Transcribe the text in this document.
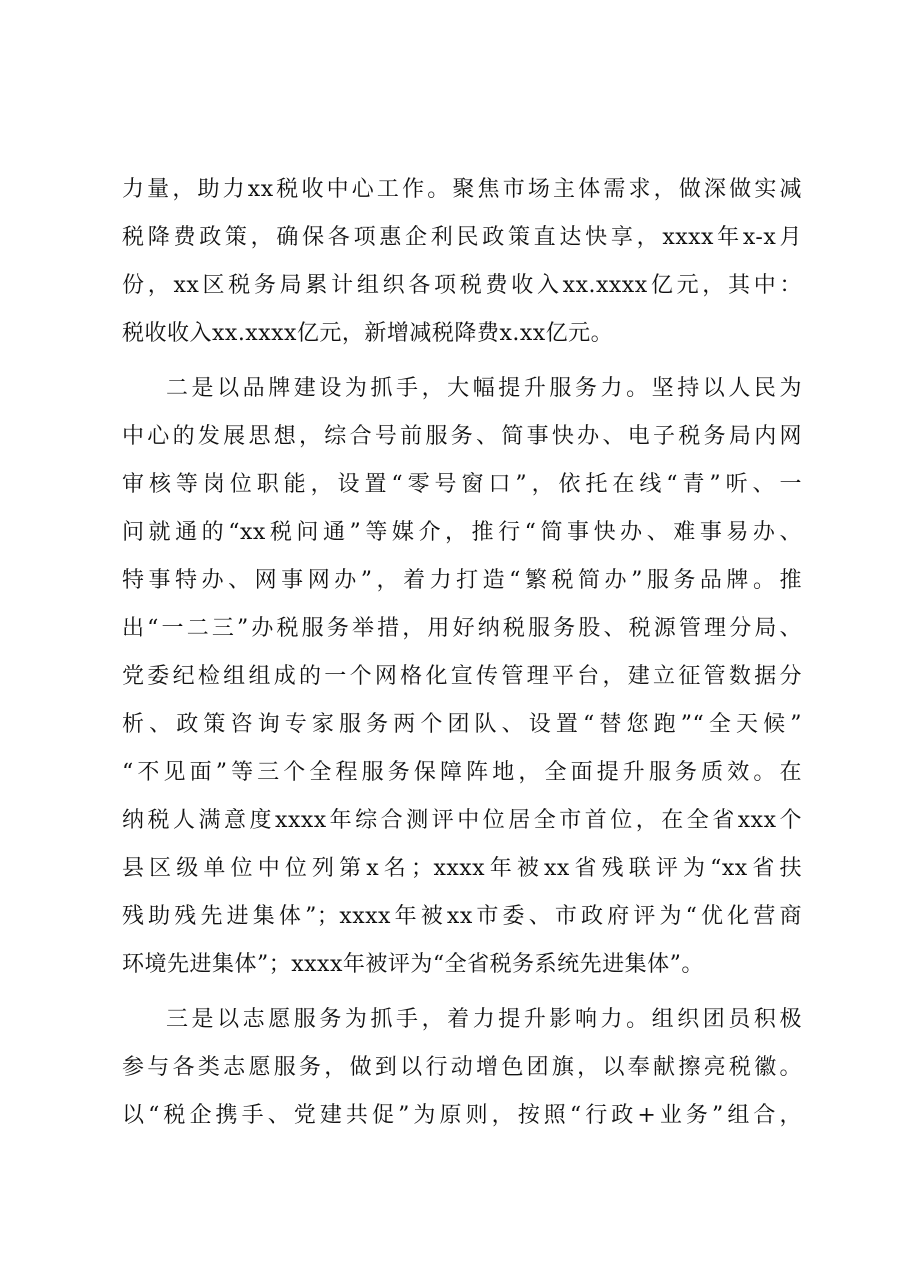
力量，助力xx税收中心工作。聚焦市场主体需求，做深做实减
税降费政策，确保各项惠企利民政策直达快享，xxxx年x-x月
份，xx区税务局累计组织各项税费收入xx.xxxx亿元，其中：
税收收入xx.xxxx亿元，新增减税降费x.xx亿元。
二是以品牌建设为抓手，大幅提升服务力。坚持以人民为
中心的发展思想，综合号前服务、简事快办、电子税务局内网
审核等岗位职能，设置“零号窗口”，依托在线“青”听、一
问就通的“xx税问通”等媒介，推行“简事快办、难事易办、
特事特办、网事网办”，着力打造“繁税简办”服务品牌。推
出“一二三”办税服务举措，用好纳税服务股、税源管理分局、
党委纪检组组成的一个网格化宣传管理平台，建立征管数据分
析、政策咨询专家服务两个团队、设置“替您跑”“全天候”
“不见面”等三个全程服务保障阵地，全面提升服务质效。在
纳税人满意度xxxx年综合测评中位居全市首位，在全省xxx个
县区级单位中位列第x名；xxxx年被xx省残联评为“xx省扶
残助残先进集体”；xxxx年被xx市委、市政府评为“优化营商
环境先进集体”；xxxx年被评为“全省税务系统先进集体”。
三是以志愿服务为抓手，着力提升影响力。组织团员积极
参与各类志愿服务，做到以行动增色团旗，以奉献擦亮税徽。
以“税企携手、党建共促”为原则，按照“行政+业务”组合，
